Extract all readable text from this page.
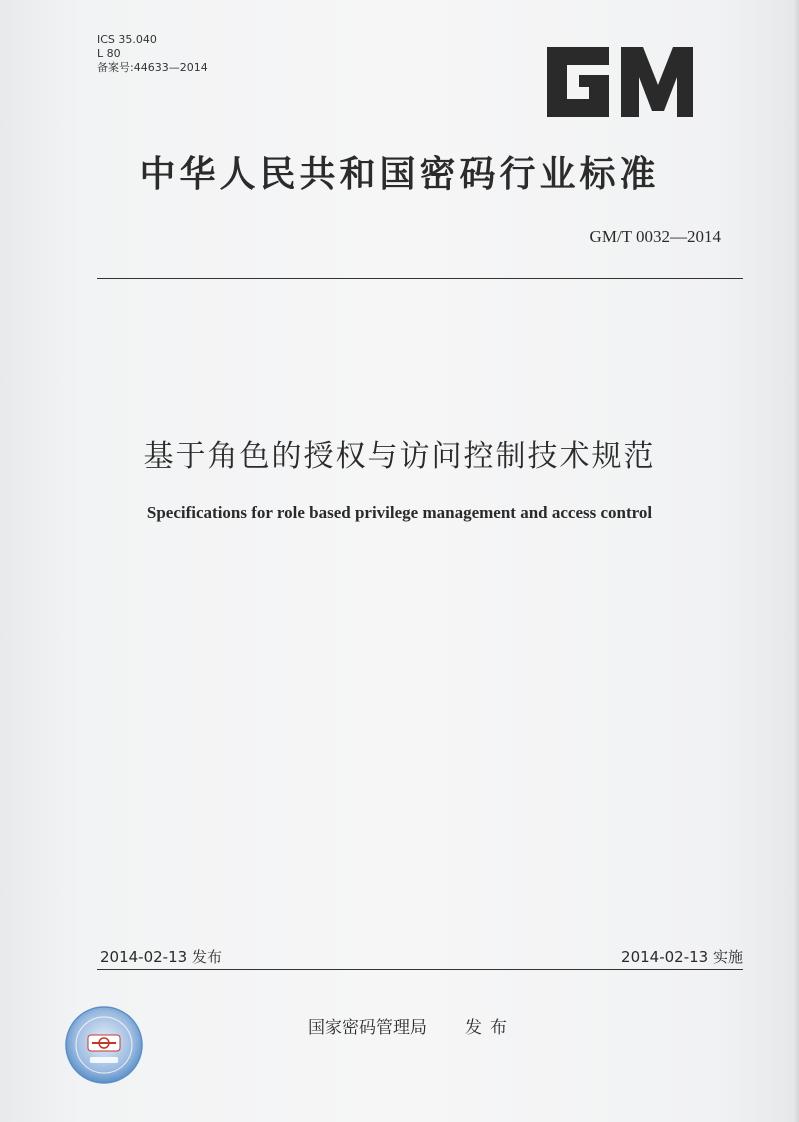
ICS 35.040
L 80
备案号:44633—2014
中华人民共和国密码行业标准
GM/T 0032—2014
基于角色的授权与访问控制技术规范
Specifications for role based privilege management and access control
2014-02-13 发布	2014-02-13 实施
国家密码管理局 发布
